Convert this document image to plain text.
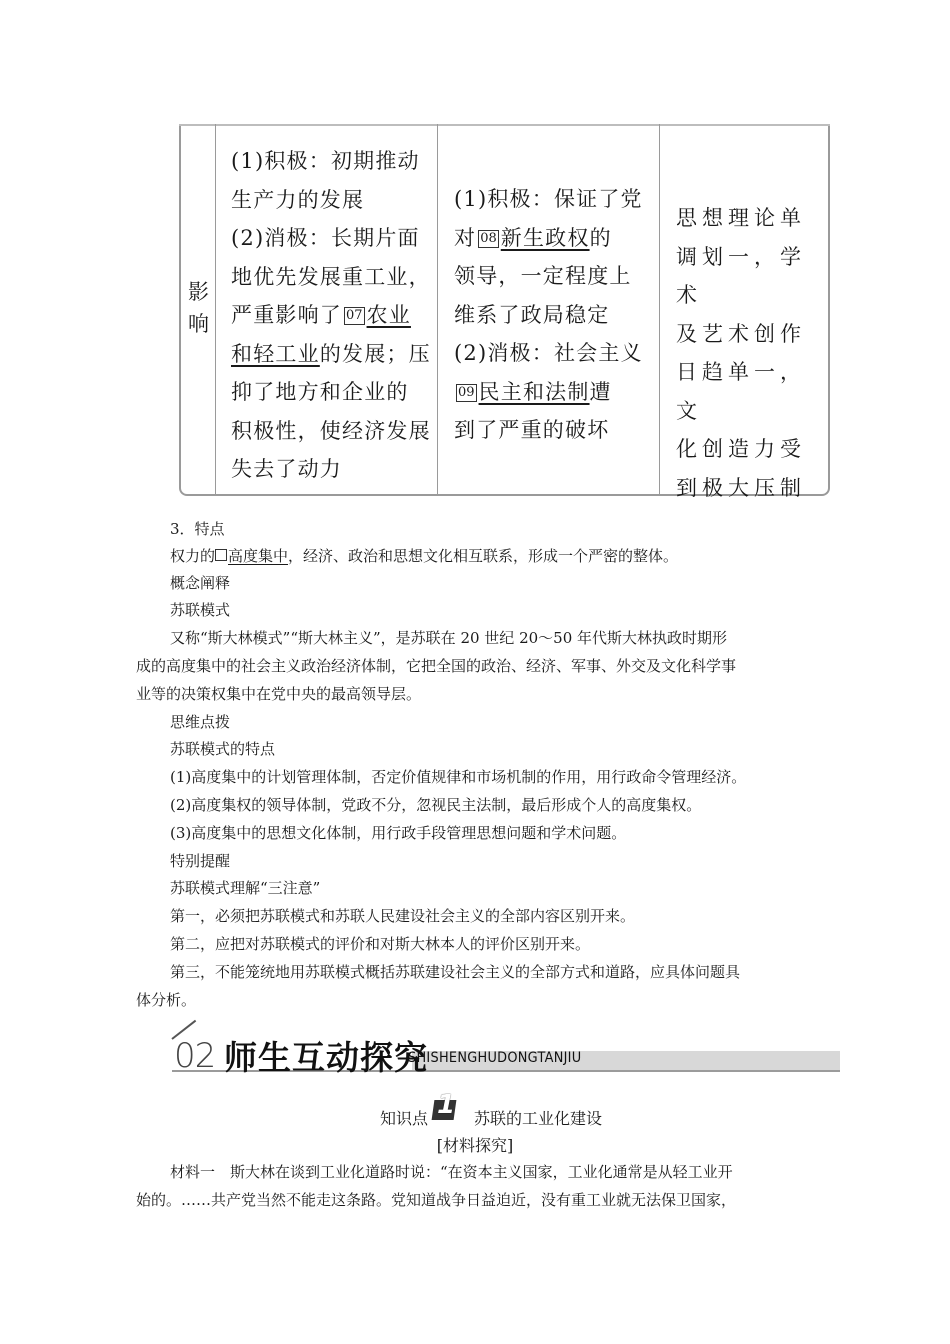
影响
(1)积极：初期推动
生产力的发展
(2)消极：长期片面
地优先发展重工业，
严重影响了 07 农业
和轻工业的发展；压
抑了地方和企业的
积极性，使经济发展
失去了动力
(1)积极：保证了党
对 08 新生政权的
领导，一定程度上
维系了政局稳定
(2)消极：社会主义
09 民主和法制遭
到了严重的破坏
思想理论单
调划一，学术
及艺术创作
日趋单一，文
化创造力受
到极大压制
3．特点
权力的 高度集中，经济、政治和思想文化相互联系，形成一个严密的整体。
概念阐释
苏联模式
又称“斯大林模式”“斯大林主义”，是苏联在 20 世纪 20～50 年代斯大林执政时期形
成的高度集中的社会主义政治经济体制，它把全国的政治、经济、军事、外交及文化科学事
业等的决策权集中在党中央的最高领导层。
思维点拨
苏联模式的特点
(1)高度集中的计划管理体制，否定价值规律和市场机制的作用，用行政命令管理经济。
(2)高度集权的领导体制，党政不分，忽视民主法制，最后形成个人的高度集权。
(3)高度集中的思想文化体制，用行政手段管理思想问题和学术问题。
特别提醒
苏联模式理解“三注意”
第一，必须把苏联模式和苏联人民建设社会主义的全部内容区别开来。
第二，应把对苏联模式的评价和对斯大林本人的评价区别开来。
第三，不能笼统地用苏联模式概括苏联建设社会主义的全部方式和道路，应具体问题具
体分析。
02 师生互动探究
SHISHENGHUDONGTANJIU
知识点 1 苏联的工业化建设
[材料探究]
材料一　斯大林在谈到工业化道路时说：“在资本主义国家，工业化通常是从轻工业开
始的。……共产党当然不能走这条路。党知道战争日益迫近，没有重工业就无法保卫国家，
